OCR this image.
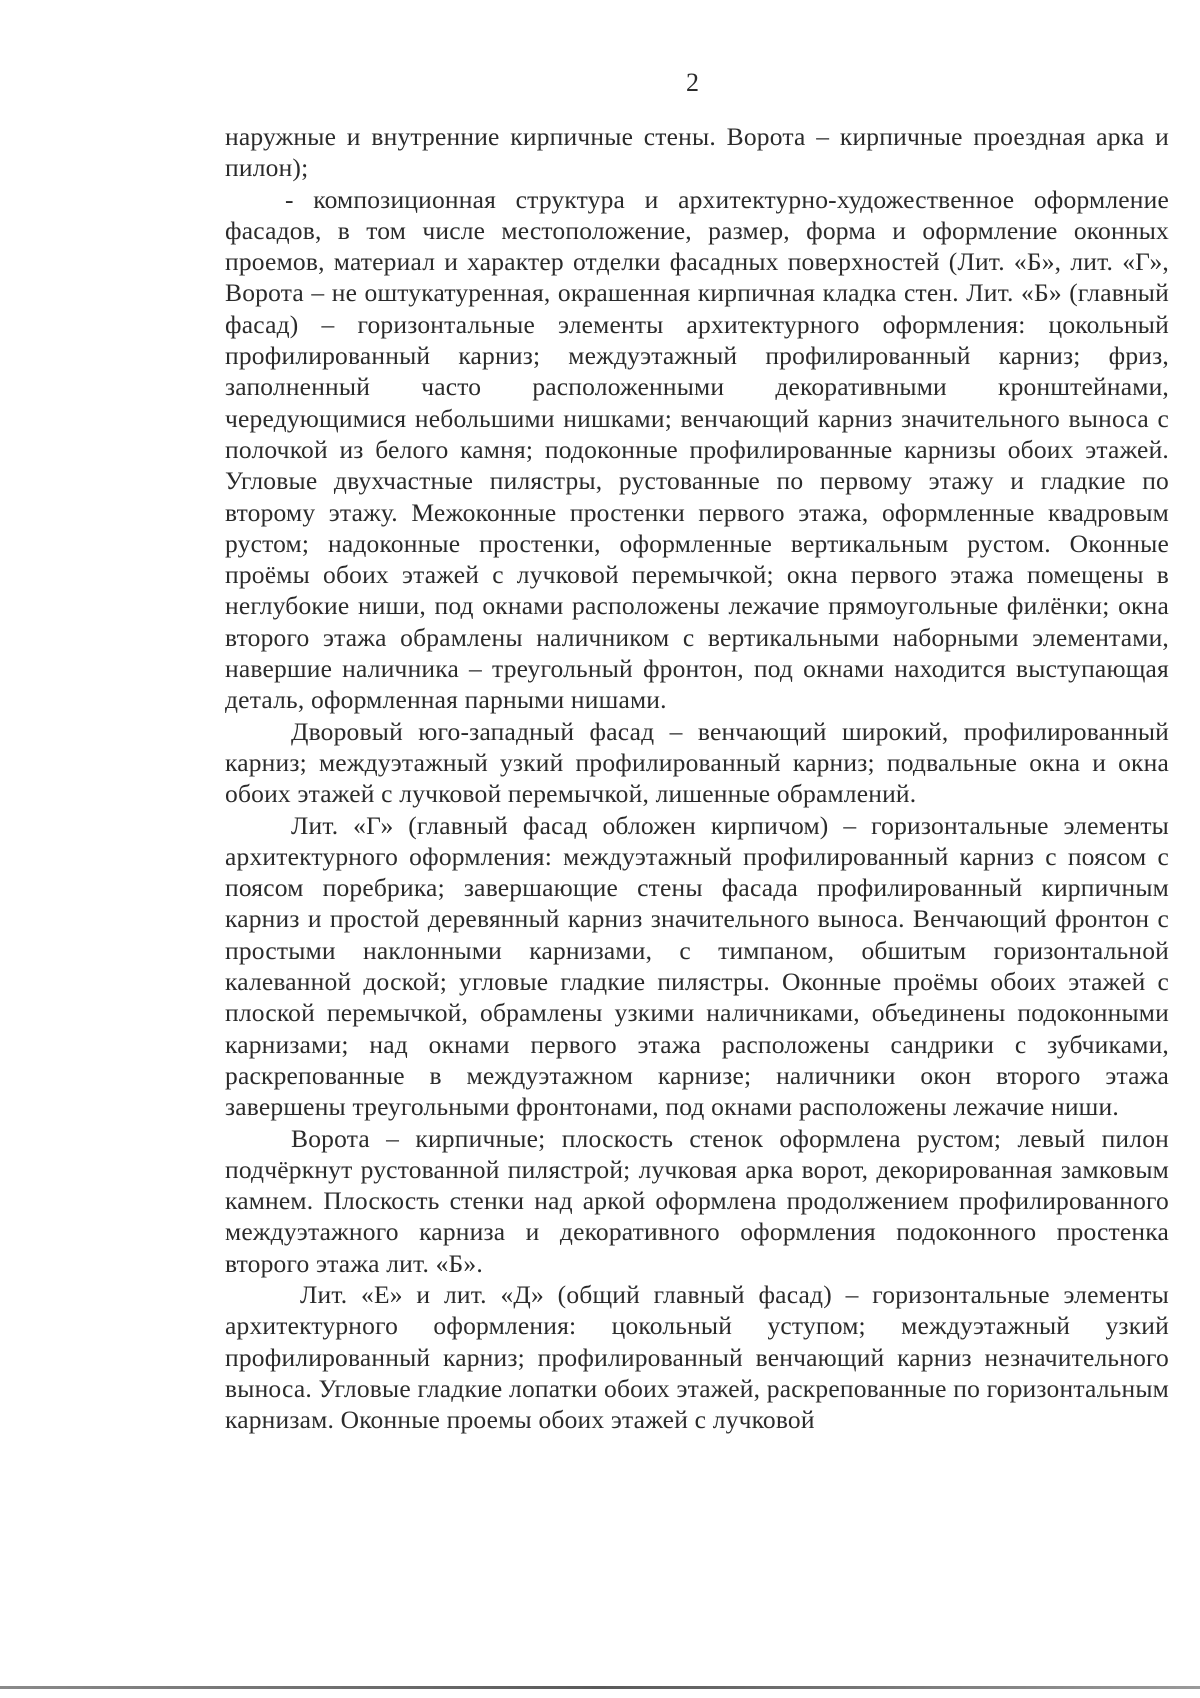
2

наружные и внутренние кирпичные стены. Ворота – кирпичные проездная арка и пилон);

- композиционная структура и архитектурно-художественное оформление фасадов, в том числе местоположение, размер, форма и оформление оконных проемов, материал и характер отделки фасадных поверхностей (Лит. «Б», лит. «Г», Ворота – не оштукатуренная, окрашенная кирпичная кладка стен. Лит. «Б» (главный фасад) – горизонтальные элементы архитектурного оформления: цокольный профилированный карниз; междуэтажный профилированный карниз; фриз, заполненный часто расположенными декоративными кронштейнами, чередующимися небольшими нишками; венчающий карниз значительного выноса с полочкой из белого камня; подоконные профилированные карнизы обоих этажей. Угловые двухчастные пилястры, рустованные по первому этажу и гладкие по второму этажу. Межоконные простенки первого этажа, оформленные квадровым рустом; надоконные простенки, оформленные вертикальным рустом. Оконные проёмы обоих этажей с лучковой перемычкой; окна первого этажа помещены в неглубокие ниши, под окнами расположены лежачие прямоугольные филёнки; окна второго этажа обрамлены наличником с вертикальными наборными элементами, навершие наличника – треугольный фронтон, под окнами находится выступающая деталь, оформленная парными нишами.

Дворовый юго-западный фасад – венчающий широкий, профилированный карниз; междуэтажный узкий профилированный карниз; подвальные окна и окна обоих этажей с лучковой перемычкой, лишенные обрамлений.

Лит. «Г» (главный фасад обложен кирпичом) – горизонтальные элементы архитектурного оформления: междуэтажный профилированный карниз с поясом с поясом поребрика; завершающие стены фасада профилированный кирпичным карниз и простой деревянный карниз значительного выноса. Венчающий фронтон с простыми наклонными карнизами, с тимпаном, обшитым горизонтальной калеванной доской; угловые гладкие пилястры. Оконные проёмы обоих этажей с плоской перемычкой, обрамлены узкими наличниками, объединены подоконными карнизами; над окнами первого этажа расположены сандрики с зубчиками, раскрепованные в междуэтажном карнизе; наличники окон второго этажа завершены треугольными фронтонами, под окнами расположены лежачие ниши.

Ворота – кирпичные; плоскость стенок оформлена рустом; левый пилон подчёркнут рустованной пилястрой; лучковая арка ворот, декорированная замковым камнем. Плоскость стенки над аркой оформлена продолжением профилированного междуэтажного карниза и декоративного оформления подоконного простенка второго этажа лит. «Б».

Лит. «Е» и лит. «Д» (общий главный фасад) – горизонтальные элементы архитектурного оформления: цокольный уступом; междуэтажный узкий профилированный карниз; профилированный венчающий карниз незначительного выноса. Угловые гладкие лопатки обоих этажей, раскрепованные по горизонтальным карнизам. Оконные проемы обоих этажей с лучковой
